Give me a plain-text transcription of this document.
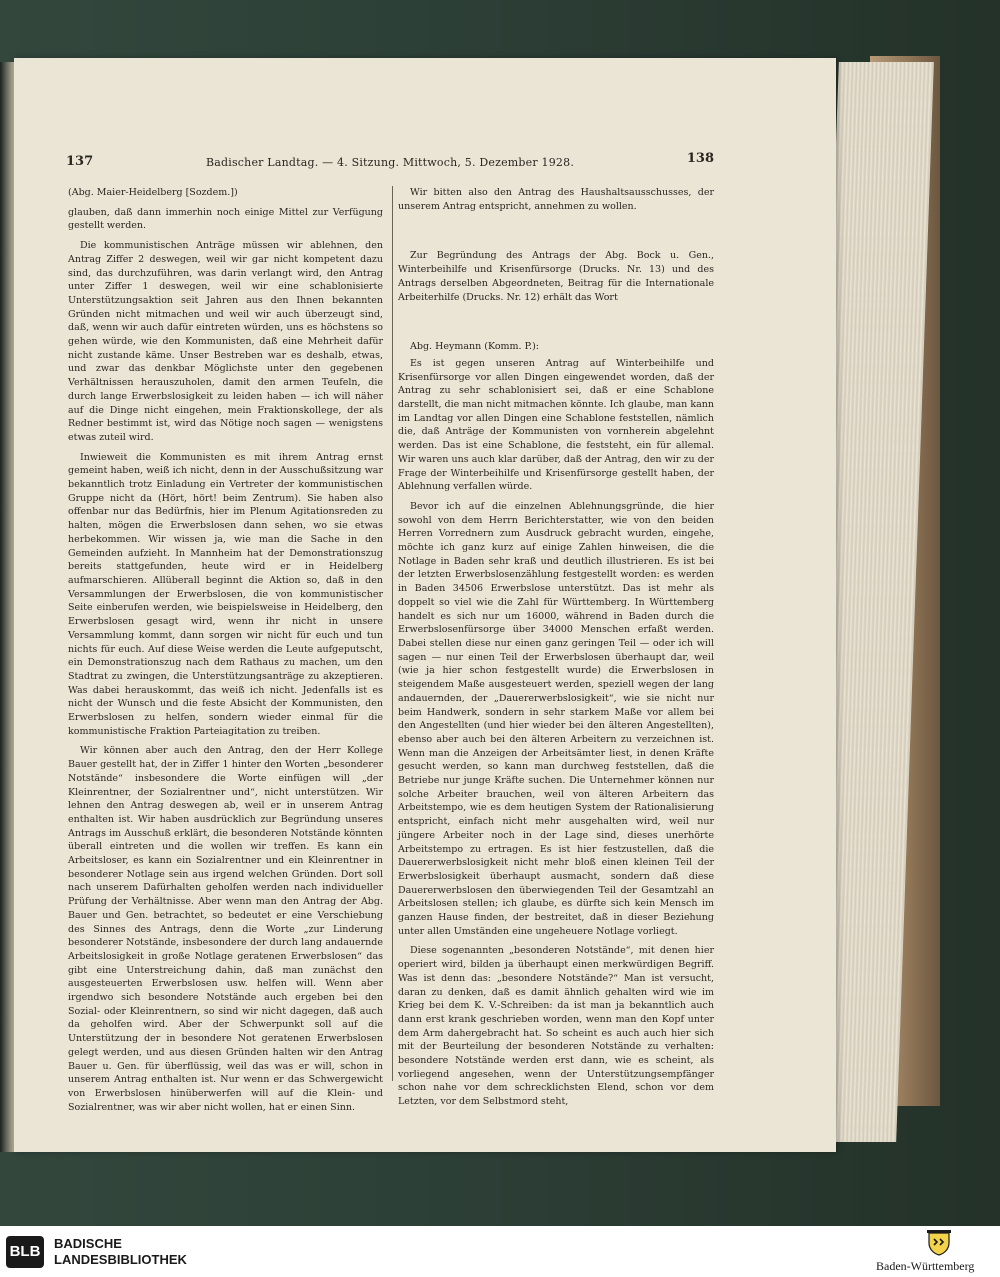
137	Badischer Landtag. — 4. Sitzung. Mittwoch, 5. Dezember 1928.	138

(Abg. Maier-Heidelberg [Sozdem.])

glauben, daß dann immerhin noch einige Mittel zur Verfügung gestellt werden.

Die kommunistischen Anträge müssen wir ablehnen, den Antrag Ziffer 2 deswegen, weil wir gar nicht kompetent dazu sind, das durchzuführen, was darin verlangt wird, den Antrag unter Ziffer 1 deswegen, weil wir eine schablonisierte Unterstützungsaktion seit Jahren aus den Ihnen bekannten Gründen nicht mitmachen und weil wir auch überzeugt sind, daß, wenn wir auch dafür eintreten würden, uns es höchstens so gehen würde, wie den Kommunisten, daß eine Mehrheit dafür nicht zustande käme. Unser Bestreben war es deshalb, etwas, und zwar das denkbar Möglichste unter den gegebenen Verhältnissen herauszuholen, damit den armen Teufeln, die durch lange Erwerbslosigkeit zu leiden haben — ich will näher auf die Dinge nicht eingehen, mein Fraktionskollege, der als Redner bestimmt ist, wird das Nötige noch sagen — wenigstens etwas zuteil wird.

Inwieweit die Kommunisten es mit ihrem Antrag ernst gemeint haben, weiß ich nicht, denn in der Ausschußsitzung war bekanntlich trotz Einladung ein Vertreter der kommunistischen Gruppe nicht da (Hört, hört! beim Zentrum). Sie haben also offenbar nur das Bedürfnis, hier im Plenum Agitationsreden zu halten, mögen die Erwerbslosen dann sehen, wo sie etwas herbekommen. Wir wissen ja, wie man die Sache in den Gemeinden aufzieht. In Mannheim hat der Demonstrationszug bereits stattgefunden, heute wird er in Heidelberg aufmarschieren. Allüberall beginnt die Aktion so, daß in den Versammlungen der Erwerbslosen, die von kommunistischer Seite einberufen werden, wie beispielsweise in Heidelberg, den Erwerbslosen gesagt wird, wenn ihr nicht in unsere Versammlung kommt, dann sorgen wir nicht für euch und tun nichts für euch. Auf diese Weise werden die Leute aufgeputscht, ein Demonstrationszug nach dem Rathaus zu machen, um den Stadtrat zu zwingen, die Unterstützungsanträge zu akzeptieren. Was dabei herauskommt, das weiß ich nicht. Jedenfalls ist es nicht der Wunsch und die feste Absicht der Kommunisten, den Erwerbslosen zu helfen, sondern wieder einmal für die kommunistische Fraktion Parteiagitation zu treiben.

Wir können aber auch den Antrag, den der Herr Kollege Bauer gestellt hat, der in Ziffer 1 hinter den Worten „besonderer Notstände“ insbesondere die Worte einfügen will „der Kleinrentner, der Sozialrentner und“, nicht unterstützen. Wir lehnen den Antrag deswegen ab, weil er in unserem Antrag enthalten ist. Wir haben ausdrücklich zur Begründung unseres Antrags im Ausschuß erklärt, die besonderen Notstände könnten überall eintreten und die wollen wir treffen. Es kann ein Arbeitsloser, es kann ein Sozialrentner und ein Kleinrentner in besonderer Notlage sein aus irgend welchen Gründen. Dort soll nach unserem Dafürhalten geholfen werden nach individueller Prüfung der Verhältnisse. Aber wenn man den Antrag der Abg. Bauer und Gen. betrachtet, so bedeutet er eine Verschiebung des Sinnes des Antrags, denn die Worte „zur Linderung besonderer Notstände, insbesondere der durch lang andauernde Arbeitslosigkeit in große Notlage geratenen Erwerbslosen“ das gibt eine Unterstreichung dahin, daß man zunächst den ausgesteuerten Erwerbslosen usw. helfen will. Wenn aber irgendwo sich besondere Notstände auch ergeben bei den Sozial- oder Kleinrentnern, so sind wir nicht dagegen, daß auch da geholfen wird. Aber der Schwerpunkt soll auf die Unterstützung der in besondere Not geratenen Erwerbslosen gelegt werden, und aus diesen Gründen halten wir den Antrag Bauer u. Gen. für überflüssig, weil das was er will, schon in unserem Antrag enthalten ist. Nur wenn er das Schwergewicht von Erwerbslosen hinüberwerfen will auf die Klein- und Sozialrentner, was wir aber nicht wollen, hat er einen Sinn.

Wir bitten also den Antrag des Haushaltsausschusses, der unserem Antrag entspricht, annehmen zu wollen.

Zur Begründung des Antrags der Abg. Bock u. Gen., Winterbeihilfe und Krisenfürsorge (Drucks. Nr. 13) und des Antrags derselben Abgeordneten, Beitrag für die Internationale Arbeiterhilfe (Drucks. Nr. 12) erhält das Wort

Abg. Heymann (Komm. P.):

Es ist gegen unseren Antrag auf Winterbeihilfe und Krisenfürsorge vor allen Dingen eingewendet worden, daß der Antrag zu sehr schablonisiert sei, daß er eine Schablone darstellt, die man nicht mitmachen könnte. Ich glaube, man kann im Landtag vor allen Dingen eine Schablone feststellen, nämlich die, daß Anträge der Kommunisten von vornherein abgelehnt werden. Das ist eine Schablone, die feststeht, ein für allemal. Wir waren uns auch klar darüber, daß der Antrag, den wir zu der Frage der Winterbeihilfe und Krisenfürsorge gestellt haben, der Ablehnung verfallen würde.

Bevor ich auf die einzelnen Ablehnungsgründe, die hier sowohl von dem Herrn Berichterstatter, wie von den beiden Herren Vorrednern zum Ausdruck gebracht wurden, eingehe, möchte ich ganz kurz auf einige Zahlen hinweisen, die die Notlage in Baden sehr kraß und deutlich illustrieren. Es ist bei der letzten Erwerbslosenzählung festgestellt worden: es werden in Baden 34506 Erwerbslose unterstützt. Das ist mehr als doppelt so viel wie die Zahl für Württemberg. In Württemberg handelt es sich nur um 16000, während in Baden durch die Erwerbslosenfürsorge über 34000 Menschen erfaßt werden. Dabei stellen diese nur einen ganz geringen Teil — oder ich will sagen — nur einen Teil der Erwerbslosen überhaupt dar, weil (wie ja hier schon festgestellt wurde) die Erwerbslosen in steigendem Maße ausgesteuert werden, speziell wegen der lang andauernden, der „Dauererwerbslosigkeit“, wie sie nicht nur beim Handwerk, sondern in sehr starkem Maße vor allem bei den Angestellten (und hier wieder bei den älteren Angestellten), ebenso aber auch bei den älteren Arbeitern zu verzeichnen ist. Wenn man die Anzeigen der Arbeitsämter liest, in denen Kräfte gesucht werden, so kann man durchweg feststellen, daß die Betriebe nur junge Kräfte suchen. Die Unternehmer können nur solche Arbeiter brauchen, weil von älteren Arbeitern das Arbeitstempo, wie es dem heutigen System der Rationalisierung entspricht, einfach nicht mehr ausgehalten wird, weil nur jüngere Arbeiter noch in der Lage sind, dieses unerhörte Arbeitstempo zu ertragen. Es ist hier festzustellen, daß die Dauererwerbslosigkeit nicht mehr bloß einen kleinen Teil der Erwerbslosigkeit überhaupt ausmacht, sondern daß diese Dauererwerbslosen den überwiegenden Teil der Gesamtzahl an Arbeitslosen stellen; ich glaube, es dürfte sich kein Mensch im ganzen Hause finden, der bestreitet, daß in dieser Beziehung unter allen Umständen eine ungeheuere Notlage vorliegt.

Diese sogenannten „besonderen Notstände“, mit denen hier operiert wird, bilden ja überhaupt einen merkwürdigen Begriff. Was ist denn das: „besondere Notstände?“ Man ist versucht, daran zu denken, daß es damit ähnlich gehalten wird wie im Krieg bei dem K. V.-Schreiben: da ist man ja bekanntlich auch dann erst krank geschrieben worden, wenn man den Kopf unter dem Arm dahergebracht hat. So scheint es auch auch hier sich mit der Beurteilung der besonderen Notstände zu verhalten: besondere Notstände werden erst dann, wie es scheint, als vorliegend angesehen, wenn der Unterstützungsempfänger schon nahe vor dem schrecklichsten Elend, schon vor dem Letzten, vor dem Selbstmord steht,

BLB BADISCHE
LANDESBIBLIOTHEK	Baden-Württemberg
